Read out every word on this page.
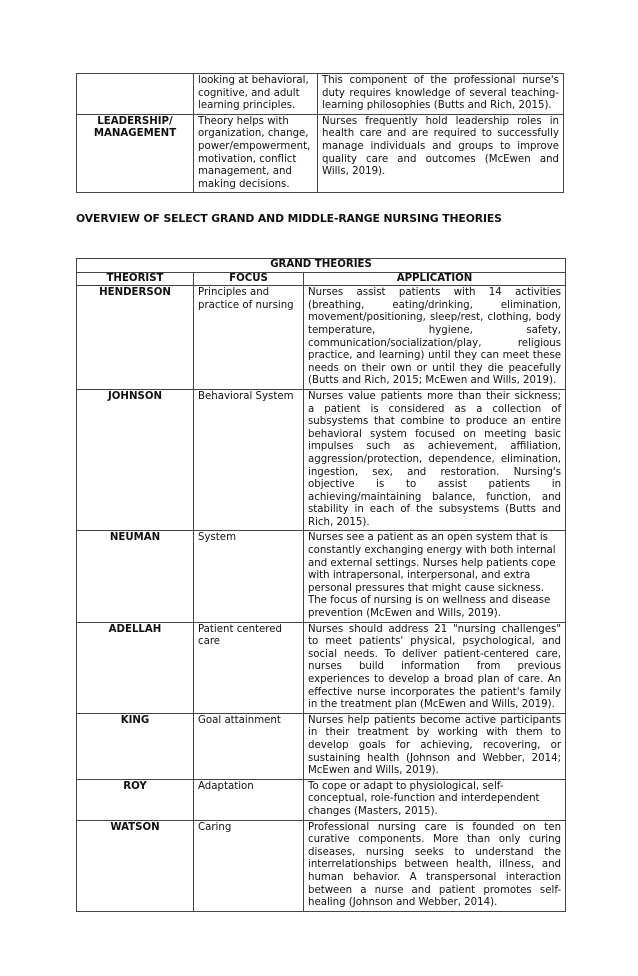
	looking at behavioral, cognitive, and adult learning principles.	This component of the professional nurse's duty requires knowledge of several teaching-learning philosophies (Butts and Rich, 2015).
LEADERSHIP/ MANAGEMENT	Theory helps with organization, change, power/empowerment, motivation, conflict management, and making decisions.	Nurses frequently hold leadership roles in health care and are required to successfully manage individuals and groups to improve quality care and outcomes (McEwen and Wills, 2019).
OVERVIEW OF SELECT GRAND AND MIDDLE-RANGE NURSING THEORIES
GRAND THEORIES		
THEORIST	FOCUS	APPLICATION
HENDERSON	Principles and practice of nursing	Nurses assist patients with 14 activities (breathing, eating/drinking, elimination, movement/positioning, sleep/rest, clothing, body temperature, hygiene, safety, communication/socialization/play, religious practice, and learning) until they can meet these needs on their own or until they die peacefully (Butts and Rich, 2015; McEwen and Wills, 2019).
JOHNSON	Behavioral System	Nurses value patients more than their sickness; a patient is considered as a collection of subsystems that combine to produce an entire behavioral system focused on meeting basic impulses such as achievement, affiliation, aggression/protection, dependence, elimination, ingestion, sex, and restoration. Nursing's objective is to assist patients in achieving/maintaining balance, function, and stability in each of the subsystems (Butts and Rich, 2015).
NEUMAN	System	Nurses see a patient as an open system that is constantly exchanging energy with both internal and external settings. Nurses help patients cope with intrapersonal, interpersonal, and extra personal pressures that might cause sickness. The focus of nursing is on wellness and disease prevention (McEwen and Wills, 2019).
ADELLAH	Patient centered care	Nurses should address 21 "nursing challenges" to meet patients' physical, psychological, and social needs. To deliver patient-centered care, nurses build information from previous experiences to develop a broad plan of care. An effective nurse incorporates the patient's family in the treatment plan (McEwen and Wills, 2019).
KING	Goal attainment	Nurses help patients become active participants in their treatment by working with them to develop goals for achieving, recovering, or sustaining health (Johnson and Webber, 2014; McEwen and Wills, 2019).
ROY	Adaptation	To cope or adapt to physiological, self-conceptual, role-function and interdependent changes (Masters, 2015).
WATSON	Caring	Professional nursing care is founded on ten curative components. More than only curing diseases, nursing seeks to understand the interrelationships between health, illness, and human behavior. A transpersonal interaction between a nurse and patient promotes self-healing (Johnson and Webber, 2014).
